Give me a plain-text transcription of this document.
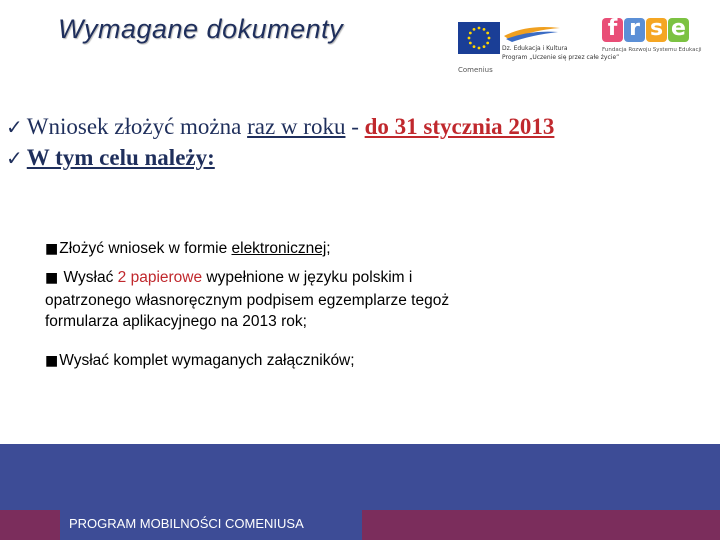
Wymagane dokumenty
Dz. Edukacja i Kultura
Program „Uczenie się przez całe życie”
Comenius
f r s e
Fundacja Rozwoju Systemu Edukacji
✓ Wniosek złożyć można raz w roku - do 31 stycznia 2013
✓ W tym celu należy:
■Złożyć wniosek w formie elektronicznej;
■ Wysłać 2 papierowe wypełnione w języku polskim i
opatrzonego własnoręcznym podpisem egzemplarze tegoż
formularza aplikacyjnego na 2013 rok;
■Wysłać komplet wymaganych załączników;
PROGRAM MOBILNOŚCI COMENIUSA
